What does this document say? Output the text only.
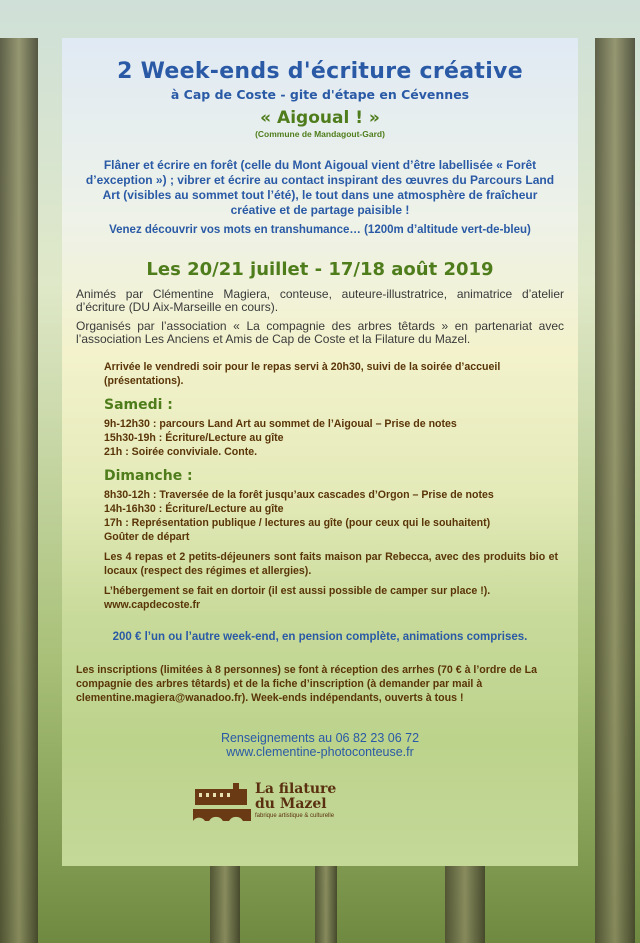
2 Week-ends d'écriture créative

à Cap de Coste - gite d'étape en Cévennes

« Aigoual ! »

(Commune de Mandagout-Gard)

Flâner et écrire en forêt (celle du Mont Aigoual vient d’être labellisée « Forêt d’exception ») ; vibrer et écrire au contact inspirant des œuvres du Parcours Land Art (visibles au sommet tout l’été), le tout dans une atmosphère de fraîcheur créative et de partage paisible !

Venez découvrir vos mots en transhumance… (1200m d’altitude vert-de-bleu)

Les 20/21 juillet - 17/18 août 2019

Animés par Clémentine Magiera, conteuse, auteure-illustratrice, animatrice d’atelier d’écriture (DU Aix-Marseille en cours).

Organisés par l’association « La compagnie des arbres têtards » en partenariat avec l’association Les Anciens et Amis de Cap de Coste et la Filature du Mazel.

Arrivée le vendredi soir pour le repas servi à 20h30, suivi de la soirée d’accueil (présentations).

Samedi :

9h-12h30 : parcours Land Art au sommet de l’Aigoual – Prise de notes

15h30-19h : Écriture/Lecture au gîte

21h : Soirée conviviale. Conte.

Dimanche :

8h30-12h : Traversée de la forêt jusqu’aux cascades d’Orgon – Prise de notes

14h-16h30 : Écriture/Lecture au gîte

17h : Représentation publique / lectures au gîte (pour ceux qui le souhaitent)

Goûter de départ

Les 4 repas et 2 petits-déjeuners sont faits maison par Rebecca, avec des produits bio et locaux (respect des régimes et allergies).

L’hébergement se fait en dortoir (il est aussi possible de camper sur place !).

www.capdecoste.fr

200 € l’un ou l’autre week-end, en pension complète, animations comprises.

Les inscriptions (limitées à 8 personnes) se font à réception des arrhes (70 € à l’ordre de La compagnie des arbres têtards) et de la fiche d’inscription (à demander par mail à clementine.magiera@wanadoo.fr). Week-ends indépendants, ouverts à tous !

Renseignements au 06 82 23 06 72
www.clementine-photoconteuse.fr
La filature
du Mazel
fabrique artistique & culturelle
